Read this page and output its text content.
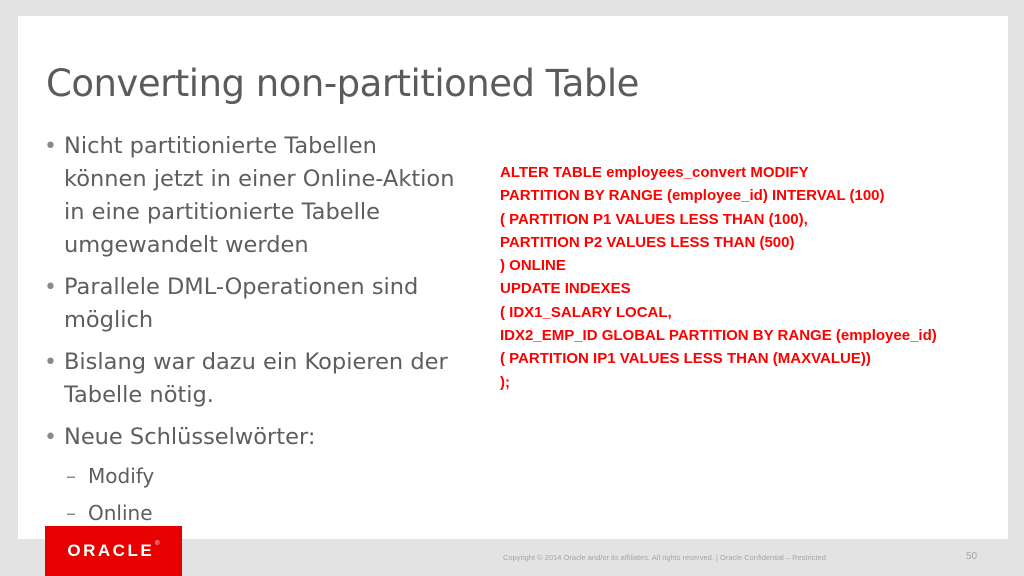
Converting non-partitioned Table
• Nicht partitionierte Tabellen können jetzt in einer Online-Aktion in eine partitionierte Tabelle umgewandelt werden
• Parallele DML-Operationen sind möglich
• Bislang war dazu ein Kopieren der Tabelle nötig.
• Neue Schlüsselwörter:
– Modify
– Online
ALTER TABLE employees_convert MODIFY
PARTITION BY RANGE (employee_id) INTERVAL (100)
( PARTITION P1 VALUES LESS THAN (100),
PARTITION P2 VALUES LESS THAN (500)
) ONLINE
UPDATE INDEXES
( IDX1_SALARY LOCAL,
IDX2_EMP_ID GLOBAL PARTITION BY RANGE (employee_id)
( PARTITION IP1 VALUES LESS THAN (MAXVALUE))
);
ORACLE ®
Copyright © 2014 Oracle and/or its affiliates. All rights reserved. | Oracle Confidential – Restricted	50
